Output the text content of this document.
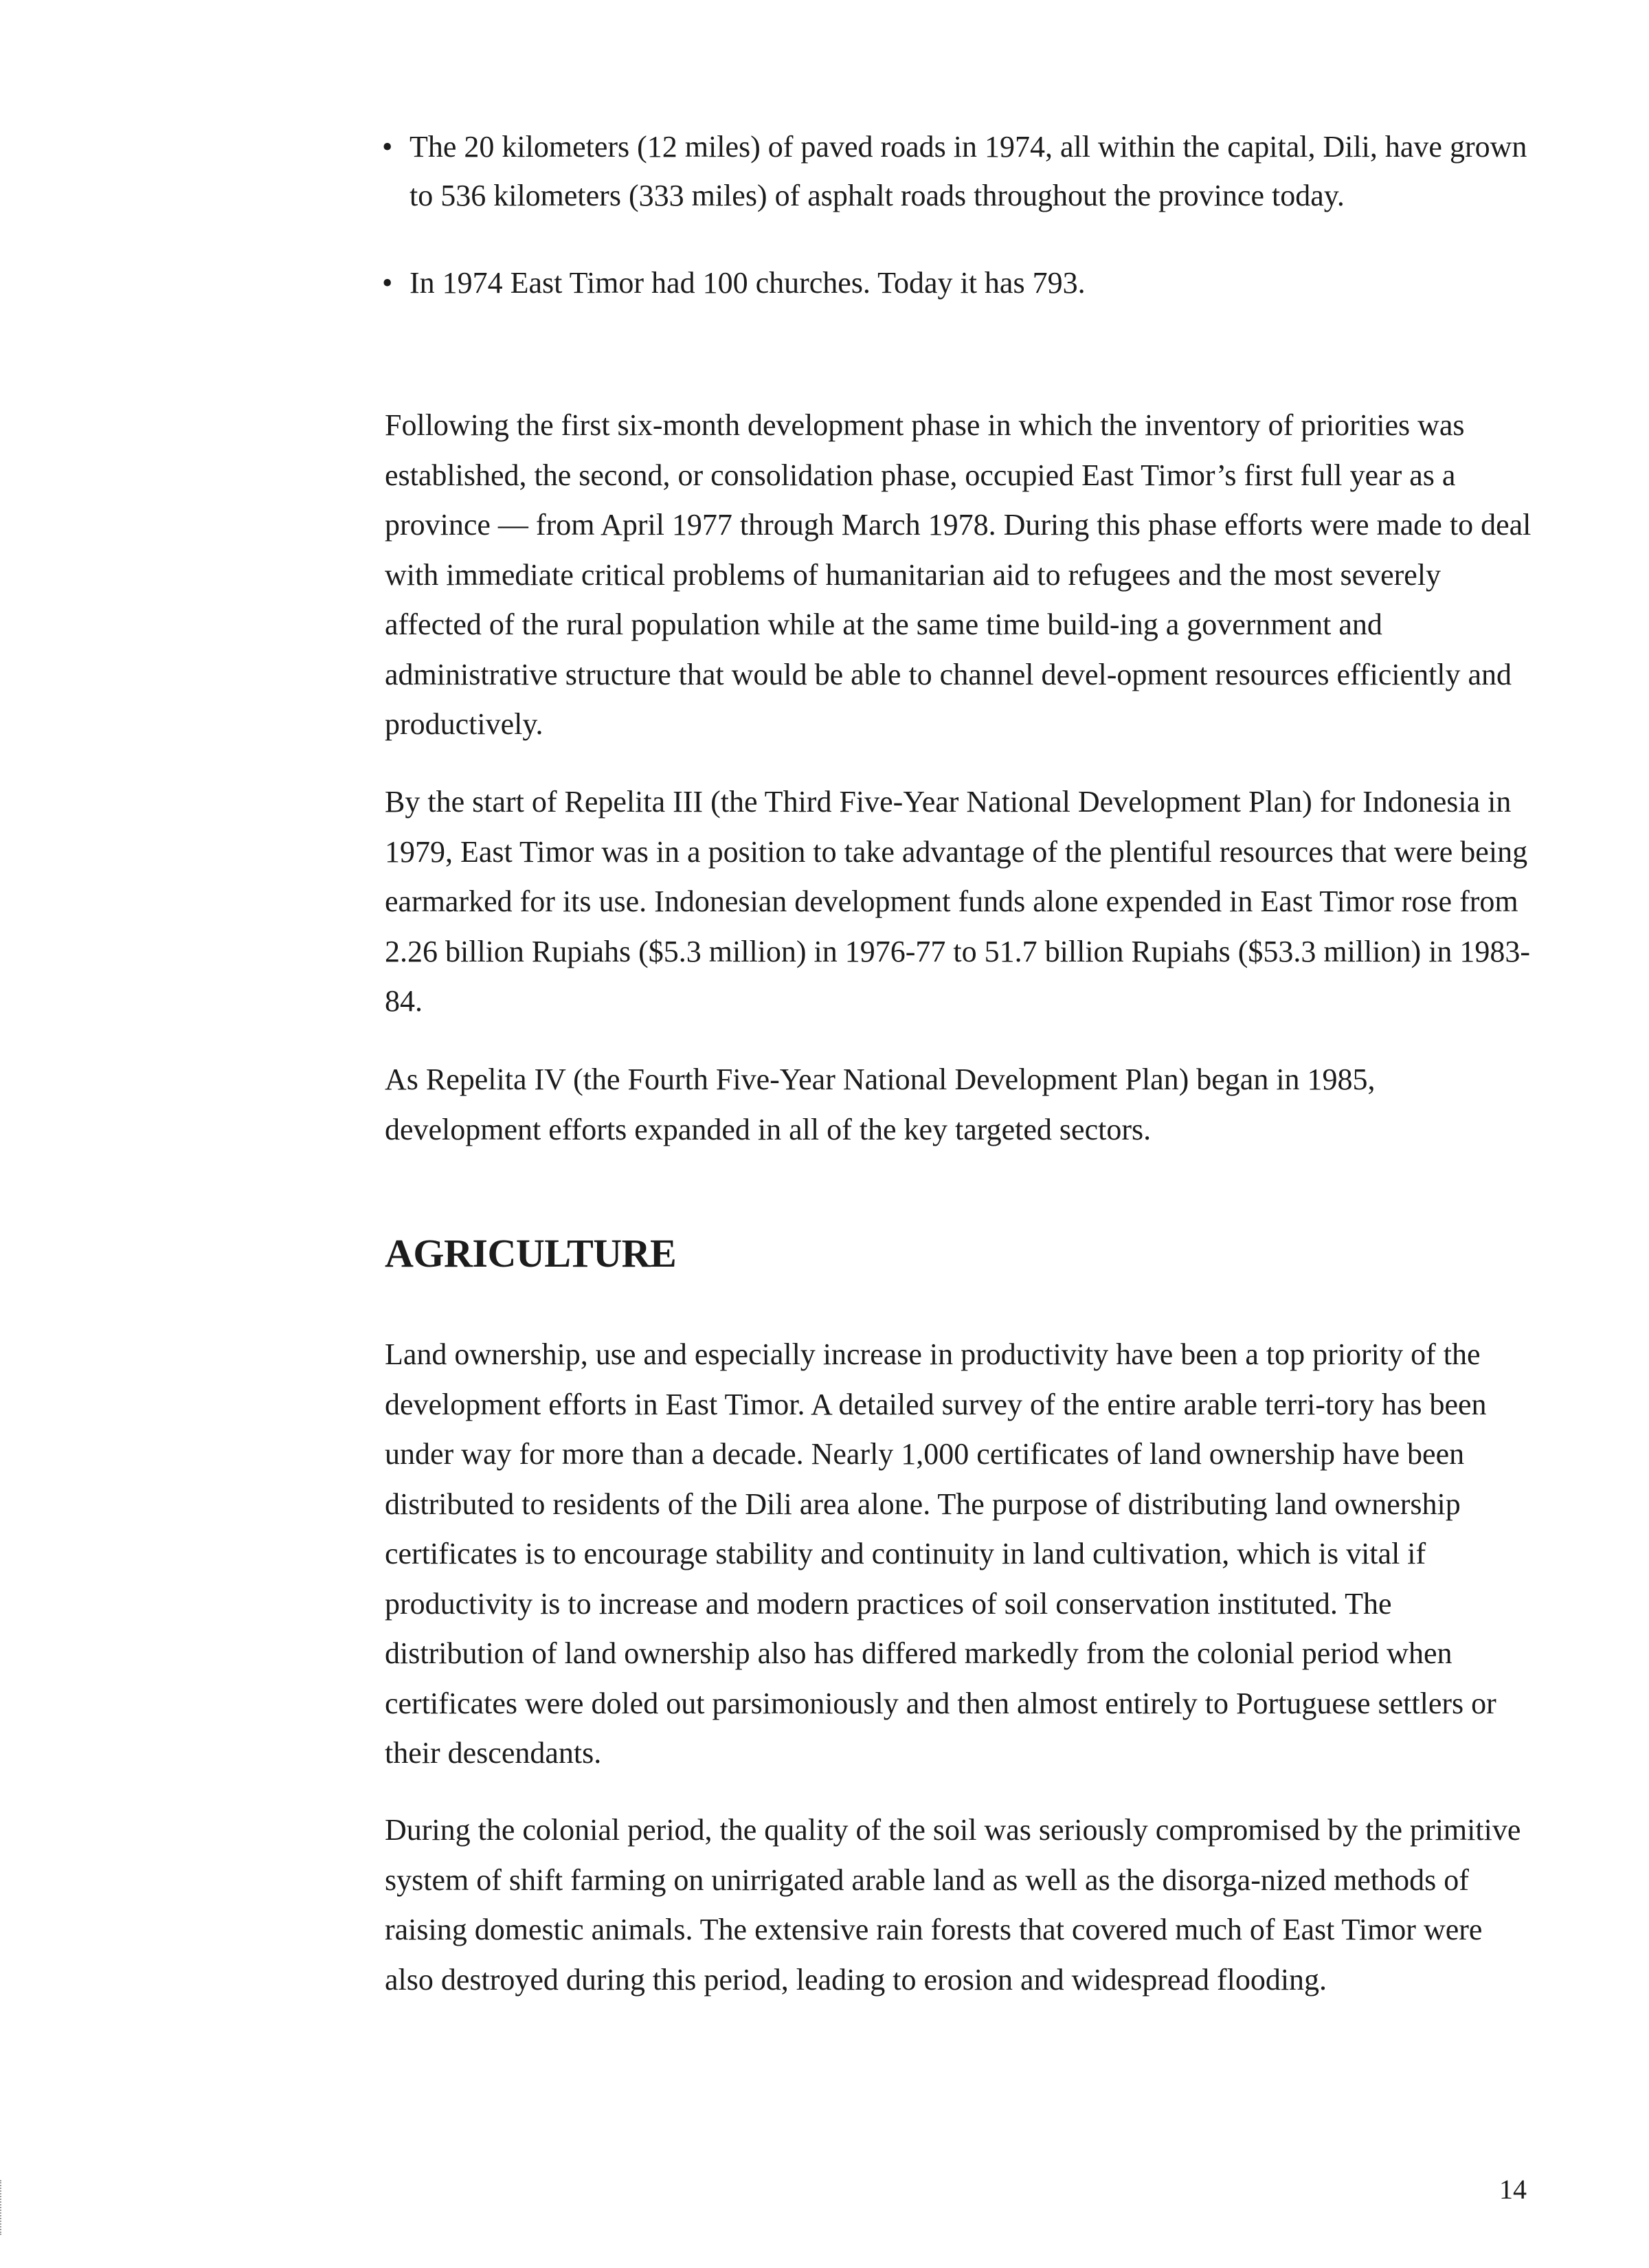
• The 20 kilometers (12 miles) of paved roads in 1974, all within the capital, Dili, have grown to 536 kilometers (333 miles) of asphalt roads throughout the province today.
• In 1974 East Timor had 100 churches. Today it has 793.

Following the first six-month development phase in which the inventory of priorities was established, the second, or consolidation phase, occupied East Timor’s first full year as a province — from April 1977 through March 1978. During this phase efforts were made to deal with immediate critical problems of humanitarian aid to refugees and the most severely affected of the rural population while at the same time build-ing a government and administrative structure that would be able to channel devel-opment resources efficiently and productively.

By the start of Repelita III (the Third Five-Year National Development Plan) for Indonesia in 1979, East Timor was in a position to take advantage of the plentiful resources that were being earmarked for its use. Indonesian development funds alone expended in East Timor rose from 2.26 billion Rupiahs ($5.3 million) in 1976-77 to 51.7 billion Rupiahs ($53.3 million) in 1983-84.

As Repelita IV (the Fourth Five-Year National Development Plan) began in 1985, development efforts expanded in all of the key targeted sectors.

AGRICULTURE

Land ownership, use and especially increase in productivity have been a top priority of the development efforts in East Timor. A detailed survey of the entire arable terri-tory has been under way for more than a decade. Nearly 1,000 certificates of land ownership have been distributed to residents of the Dili area alone. The purpose of distributing land ownership certificates is to encourage stability and continuity in land cultivation, which is vital if productivity is to increase and modern practices of soil conservation instituted. The distribution of land ownership also has differed markedly from the colonial period when certificates were doled out parsimoniously and then almost entirely to Portuguese settlers or their descendants.

During the colonial period, the quality of the soil was seriously compromised by the primitive system of shift farming on unirrigated arable land as well as the disorga-nized methods of raising domestic animals. The extensive rain forests that covered much of East Timor were also destroyed during this period, leading to erosion and widespread flooding.

14
